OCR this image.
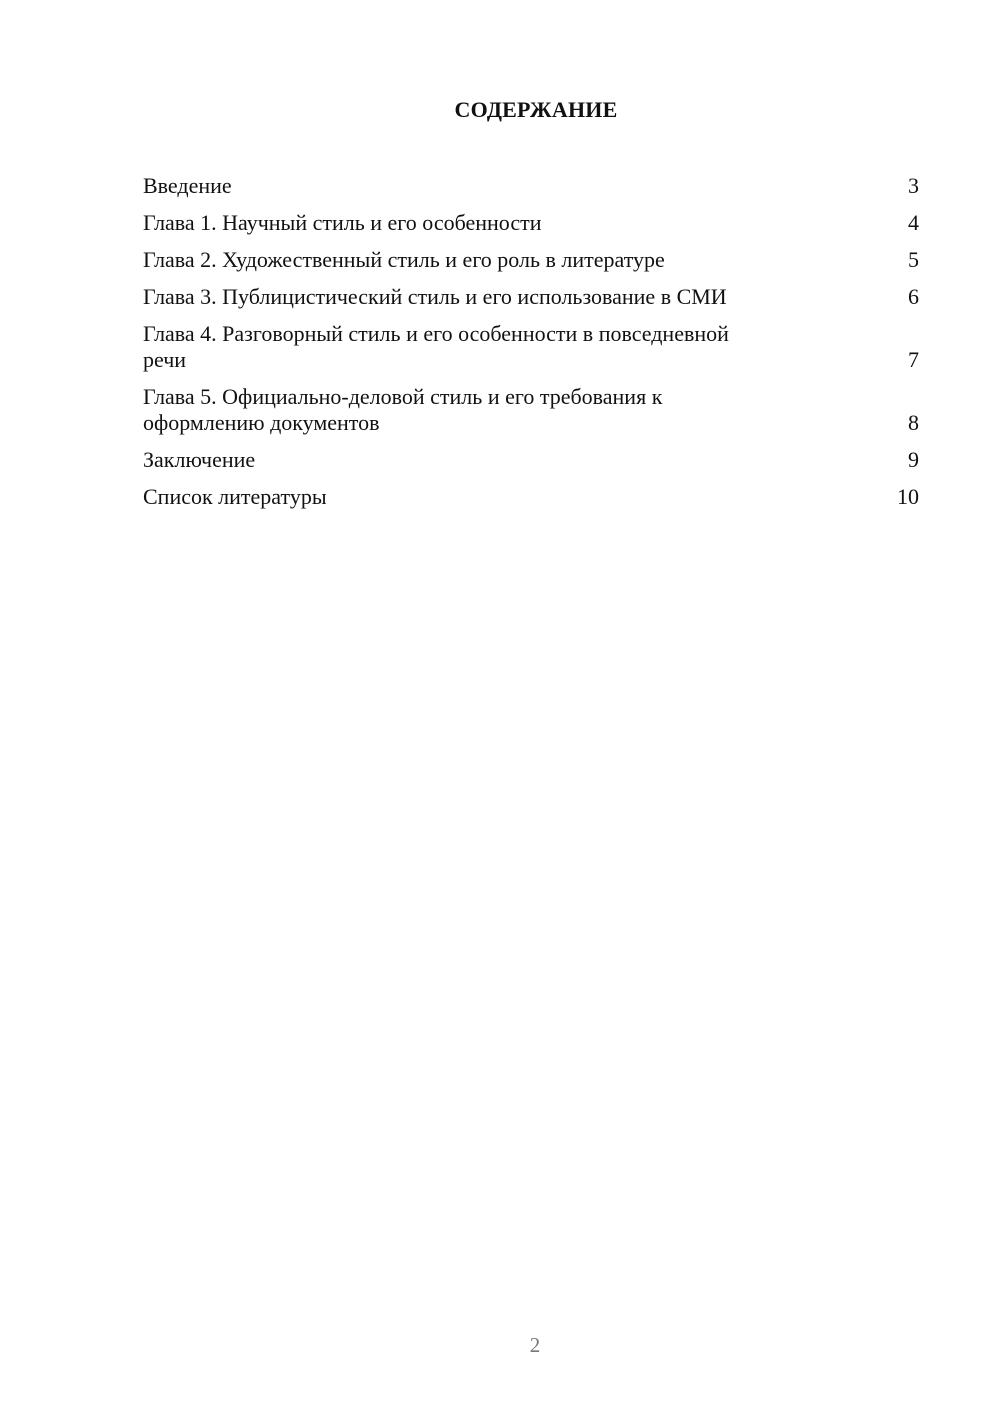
СОДЕРЖАНИЕ
Введение	3
Глава 1. Научный стиль и его особенности	4
Глава 2. Художественный стиль и его роль в литературе	5
Глава 3. Публицистический стиль и его использование в СМИ	6
Глава 4. Разговорный стиль и его особенности в повседневной
речи	7
Глава 5. Официально-деловой стиль и его требования к
оформлению документов	8
Заключение	9
Список литературы	10
2
